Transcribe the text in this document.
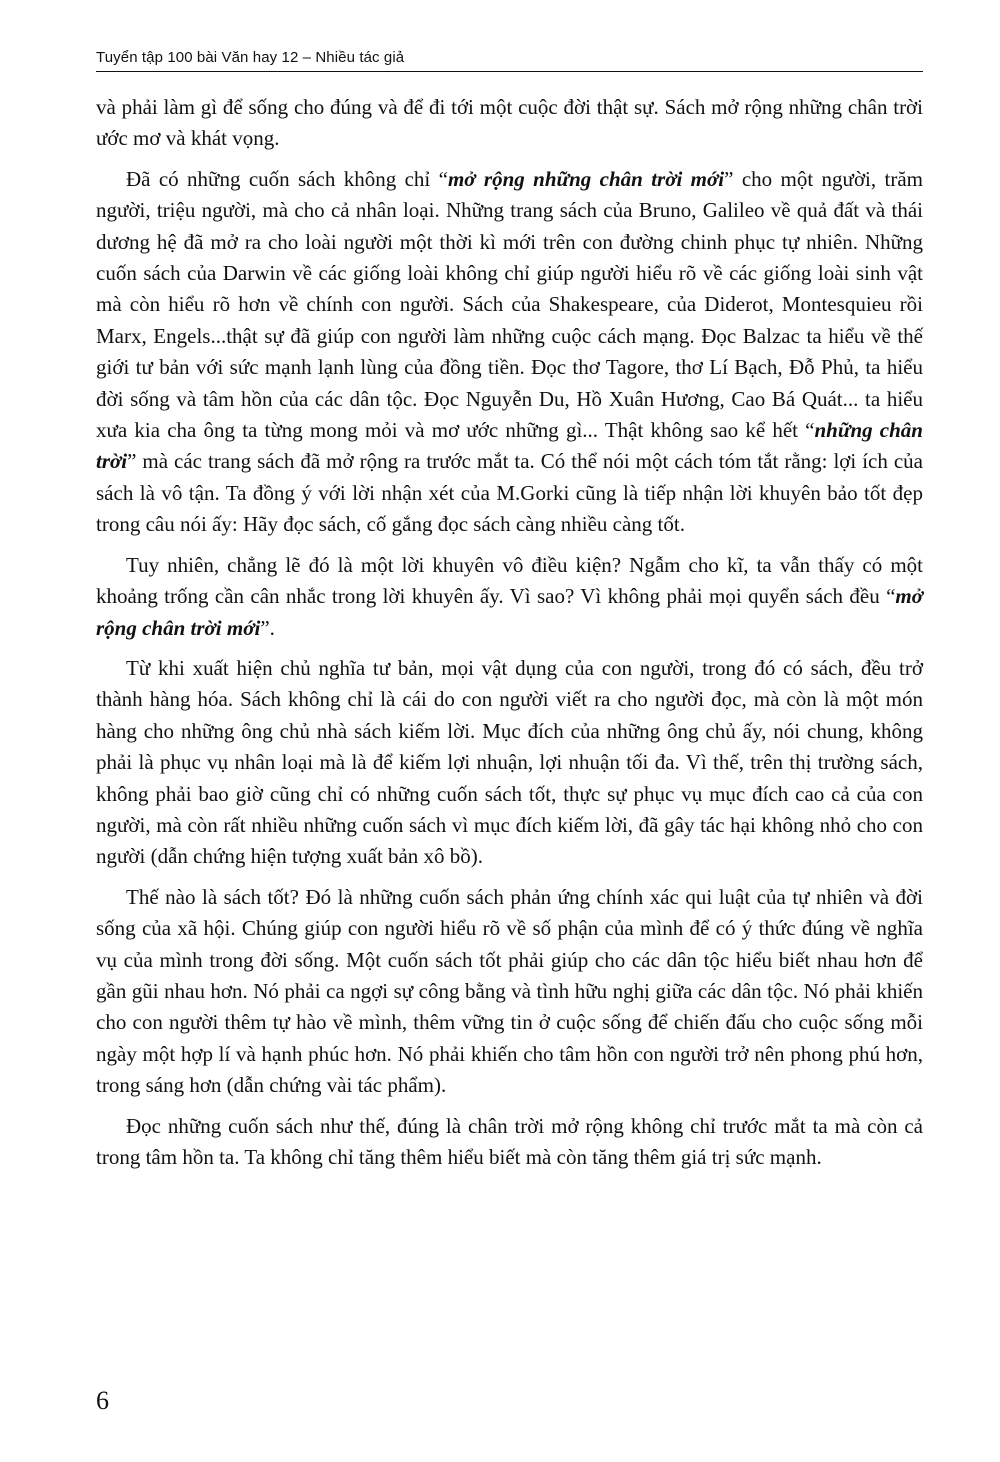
Tuyển tập 100 bài Văn hay 12 – Nhiều tác giả

và phải làm gì để sống cho đúng và để đi tới một cuộc đời thật sự. Sách mở rộng những chân trời ước mơ và khát vọng.

Đã có những cuốn sách không chỉ “mở rộng những chân trời mới” cho một người, trăm người, triệu người, mà cho cả nhân loại. Những trang sách của Bruno, Galileo về quả đất và thái dương hệ đã mở ra cho loài người một thời kì mới trên con đường chinh phục tự nhiên. Những cuốn sách của Darwin về các giống loài không chỉ giúp người hiểu rõ về các giống loài sinh vật mà còn hiểu rõ hơn về chính con người. Sách của Shakespeare, của Diderot, Montesquieu rồi Marx, Engels...thật sự đã giúp con người làm những cuộc cách mạng. Đọc Balzac ta hiểu về thế giới tư bản với sức mạnh lạnh lùng của đồng tiền. Đọc thơ Tagore, thơ Lí Bạch, Đỗ Phủ, ta hiểu đời sống và tâm hồn của các dân tộc. Đọc Nguyễn Du, Hồ Xuân Hương, Cao Bá Quát... ta hiểu xưa kia cha ông ta từng mong mỏi và mơ ước những gì... Thật không sao kể hết “những chân trời” mà các trang sách đã mở rộng ra trước mắt ta. Có thể nói một cách tóm tắt rằng: lợi ích của sách là vô tận. Ta đồng ý với lời nhận xét của M.Gorki cũng là tiếp nhận lời khuyên bảo tốt đẹp trong câu nói ấy: Hãy đọc sách, cố gắng đọc sách càng nhiều càng tốt.

Tuy nhiên, chẳng lẽ đó là một lời khuyên vô điều kiện? Ngẫm cho kĩ, ta vẫn thấy có một khoảng trống cần cân nhắc trong lời khuyên ấy. Vì sao? Vì không phải mọi quyển sách đều “mở rộng chân trời mới”.

Từ khi xuất hiện chủ nghĩa tư bản, mọi vật dụng của con người, trong đó có sách, đều trở thành hàng hóa. Sách không chỉ là cái do con người viết ra cho người đọc, mà còn là một món hàng cho những ông chủ nhà sách kiếm lời. Mục đích của những ông chủ ấy, nói chung, không phải là phục vụ nhân loại mà là để kiếm lợi nhuận, lợi nhuận tối đa. Vì thế, trên thị trường sách, không phải bao giờ cũng chỉ có những cuốn sách tốt, thực sự phục vụ mục đích cao cả của con người, mà còn rất nhiều những cuốn sách vì mục đích kiếm lời, đã gây tác hại không nhỏ cho con người (dẫn chứng hiện tượng xuất bản xô bồ).

Thế nào là sách tốt? Đó là những cuốn sách phản ứng chính xác qui luật của tự nhiên và đời sống của xã hội. Chúng giúp con người hiểu rõ về số phận của mình để có ý thức đúng về nghĩa vụ của mình trong đời sống. Một cuốn sách tốt phải giúp cho các dân tộc hiểu biết nhau hơn để gần gũi nhau hơn. Nó phải ca ngợi sự công bằng và tình hữu nghị giữa các dân tộc. Nó phải khiến cho con người thêm tự hào về mình, thêm vững tin ở cuộc sống để chiến đấu cho cuộc sống mỗi ngày một hợp lí và hạnh phúc hơn. Nó phải khiến cho tâm hồn con người trở nên phong phú hơn, trong sáng hơn (dẫn chứng vài tác phẩm).

Đọc những cuốn sách như thế, đúng là chân trời mở rộng không chỉ trước mắt ta mà còn cả trong tâm hồn ta. Ta không chỉ tăng thêm hiểu biết mà còn tăng thêm giá trị sức mạnh.

6
